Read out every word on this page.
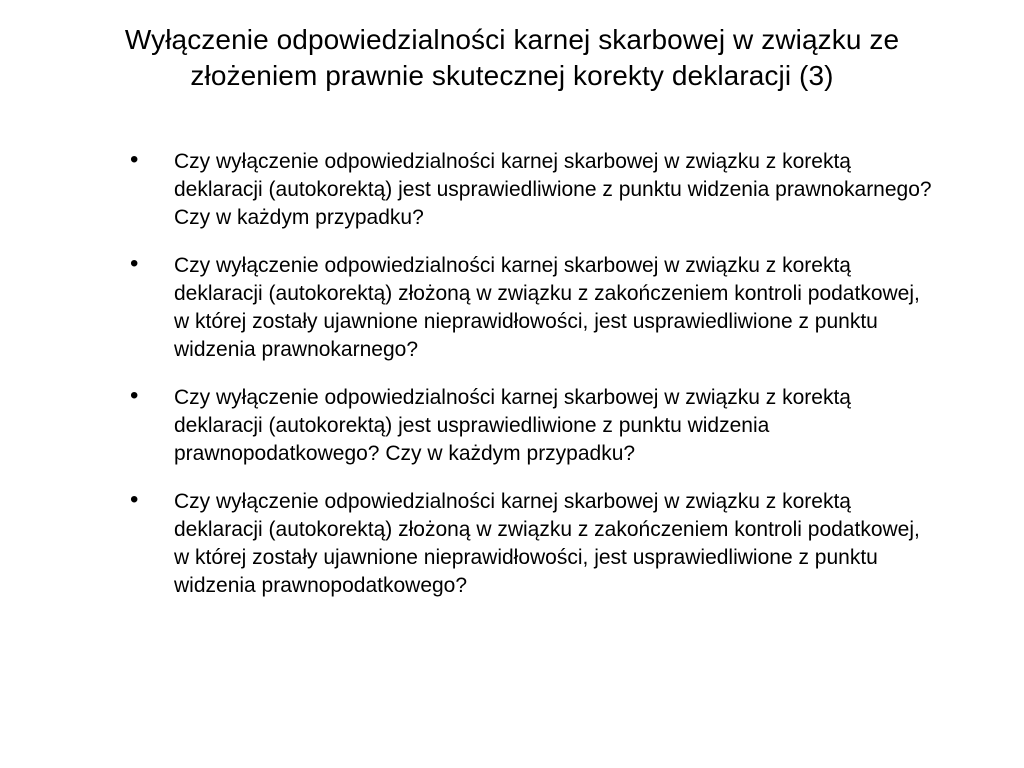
Wyłączenie odpowiedzialności karnej skarbowej w związku ze złożeniem prawnie skutecznej korekty deklaracji (3)
• Czy wyłączenie odpowiedzialności karnej skarbowej w związku z korektą deklaracji (autokorektą) jest usprawiedliwione z punktu widzenia prawnokarnego? Czy w każdym przypadku?
• Czy wyłączenie odpowiedzialności karnej skarbowej w związku z korektą deklaracji (autokorektą) złożoną w związku z zakończeniem kontroli podatkowej, w której zostały ujawnione nieprawidłowości, jest usprawiedliwione z punktu widzenia prawnokarnego?
• Czy wyłączenie odpowiedzialności karnej skarbowej w związku z korektą deklaracji (autokorektą) jest usprawiedliwione z punktu widzenia prawnopodatkowego? Czy w każdym przypadku?
• Czy wyłączenie odpowiedzialności karnej skarbowej w związku z korektą deklaracji (autokorektą) złożoną w związku z zakończeniem kontroli podatkowej, w której zostały ujawnione nieprawidłowości, jest usprawiedliwione z punktu widzenia prawnopodatkowego?
